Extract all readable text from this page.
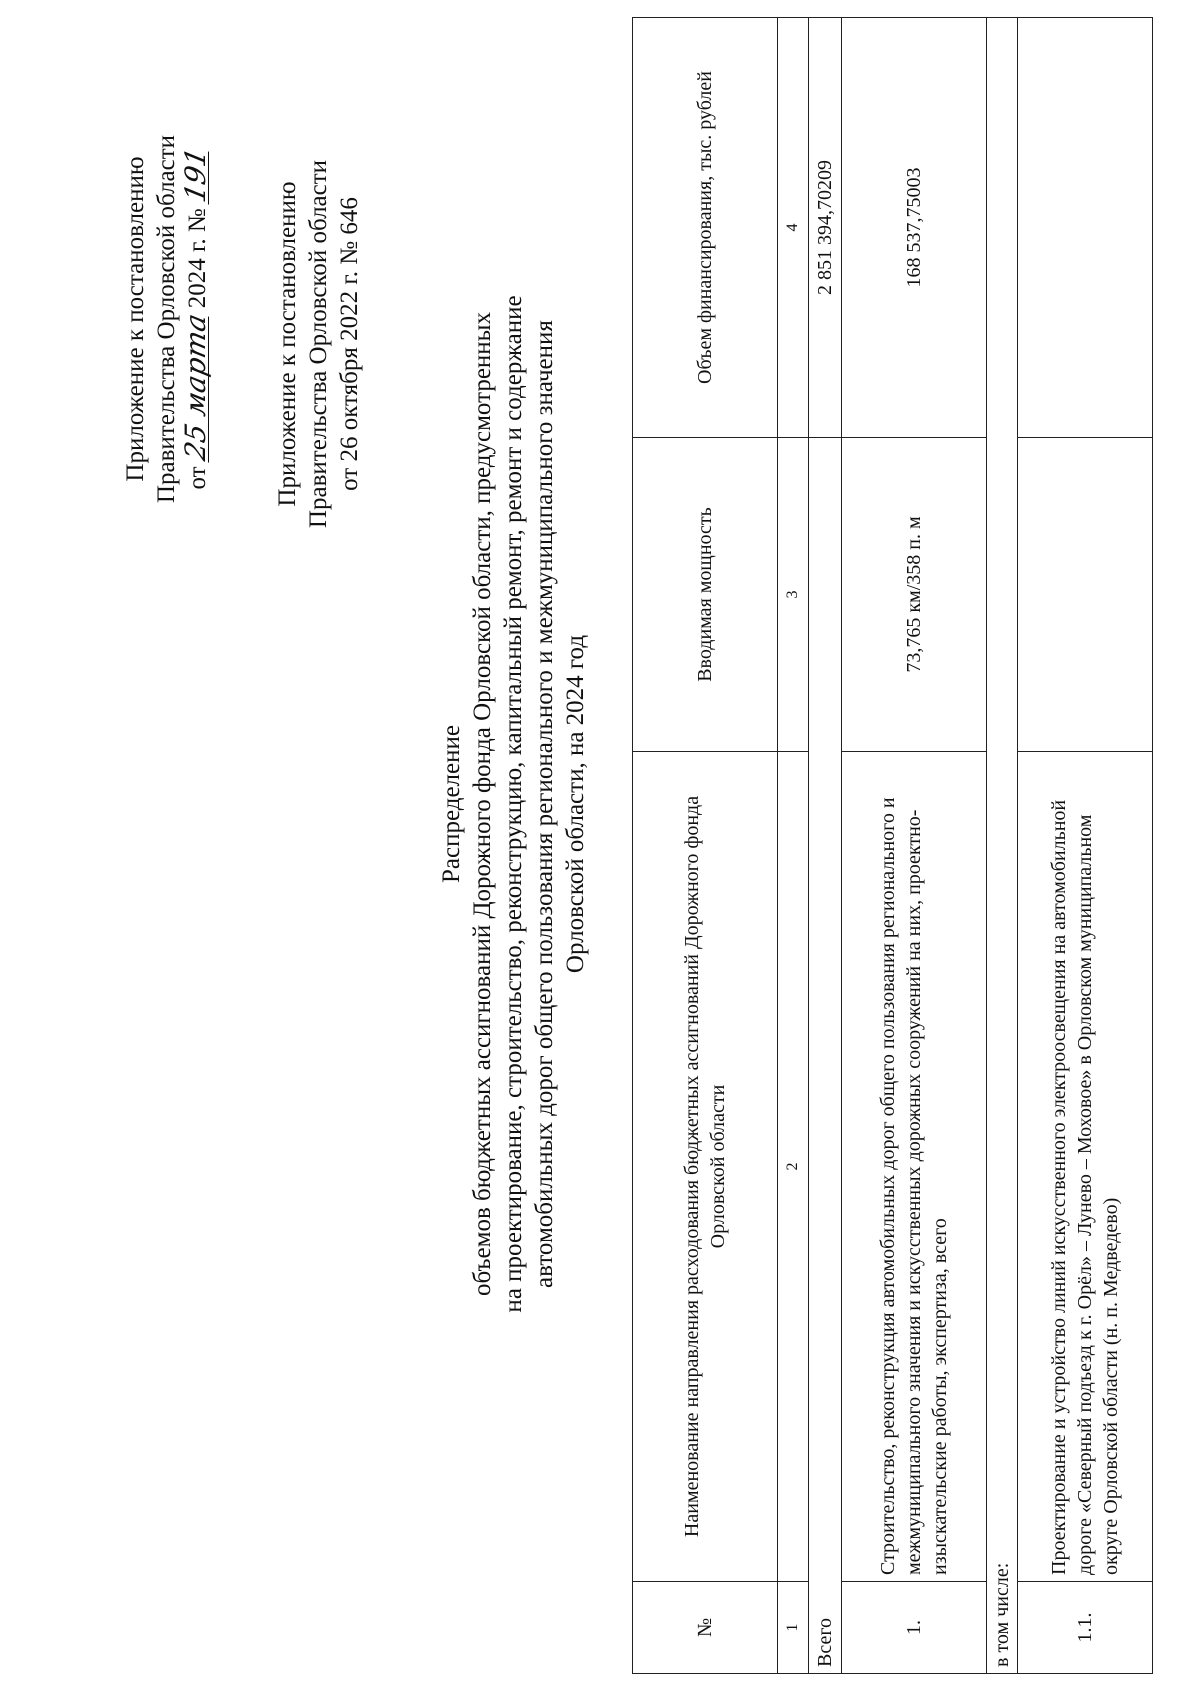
Приложение к постановлению Правительства Орловской области от 25 марта 2024 г. № 191
Приложение к постановлению Правительства Орловской области от 26 октября 2022 г. № 646
Распределение объемов бюджетных ассигнований Дорожного фонда Орловской области, предусмотренных на проектирование, строительство, реконструкцию, капитальный ремонт, ремонт и содержание автомобильных дорог общего пользования регионального и межмуниципального значения Орловской области, на 2024 год
№	Наименование направления расходования бюджетных ассигнований Дорожного фонда Орловской области	Вводимая мощность	Объем финансирования, тыс. рублей
1	2	3	4
Всего			2 851 394,70209
1.	Строительство, реконструкция автомобильных дорог общего пользования регионального и межмуниципального значения и искусственных дорожных сооружений на них, проектно-изыскательские работы, экспертиза, всего	73,765 км/358 п. м	168 537,75003
в том числе:			
1.1.	Проектирование и устройство линий искусственного электроосвещения на автомобильной дороге «Северный подъезд к г. Орёл» – Лунево – Моховое» в Орловском муниципальном округе Орловской области (н. п. Медведево)		
